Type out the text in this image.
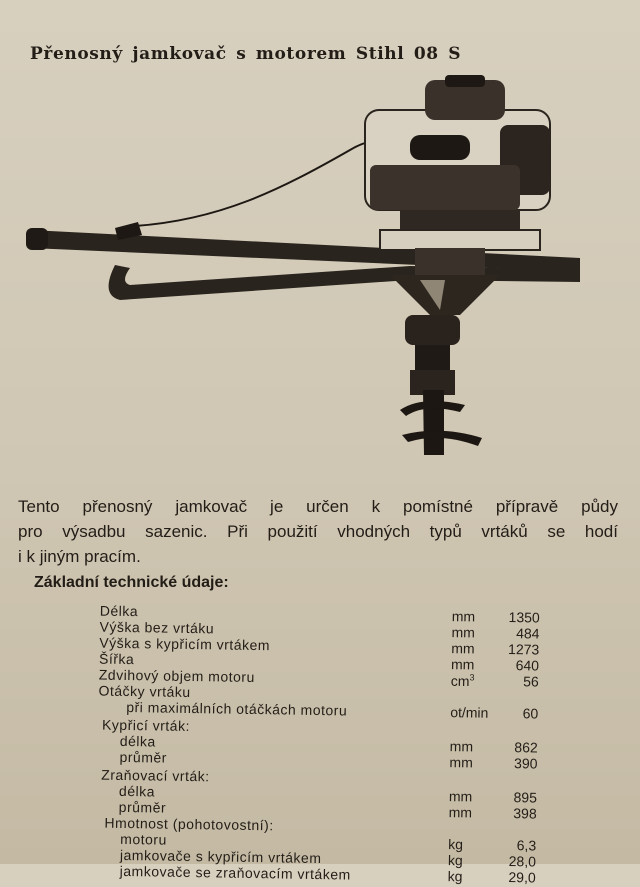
Přenosný jamkovač s motorem Stihl 08 S

Tento přenosný jamkovač je určen k pomístné přípravě půdy

pro výsadbu sazenic. Při použití vhodných typů vrtáků se hodí

i k jiným pracím.

Základní technické údaje:
Délka	mm	1350
Výška bez vrtáku	mm	484
Výška s kypřicím vrtákem	mm	1273
Šířka	mm	640
Zdvihový objem motoru	$cm^3$	56
Otáčky vrtáku
při maximálních otáčkách motoru	ot/min	60
Kypřicí vrták:
délka	mm	862
průměr	mm	390
Zraňovací vrták:
délka	mm	895
průměr	mm	398
Hmotnost (pohotovostní):
motoru	kg	6,3
jamkovače s kypřicím vrtákem	kg	28,0
jamkovače se zraňovacím vrtákem	kg	29,0
